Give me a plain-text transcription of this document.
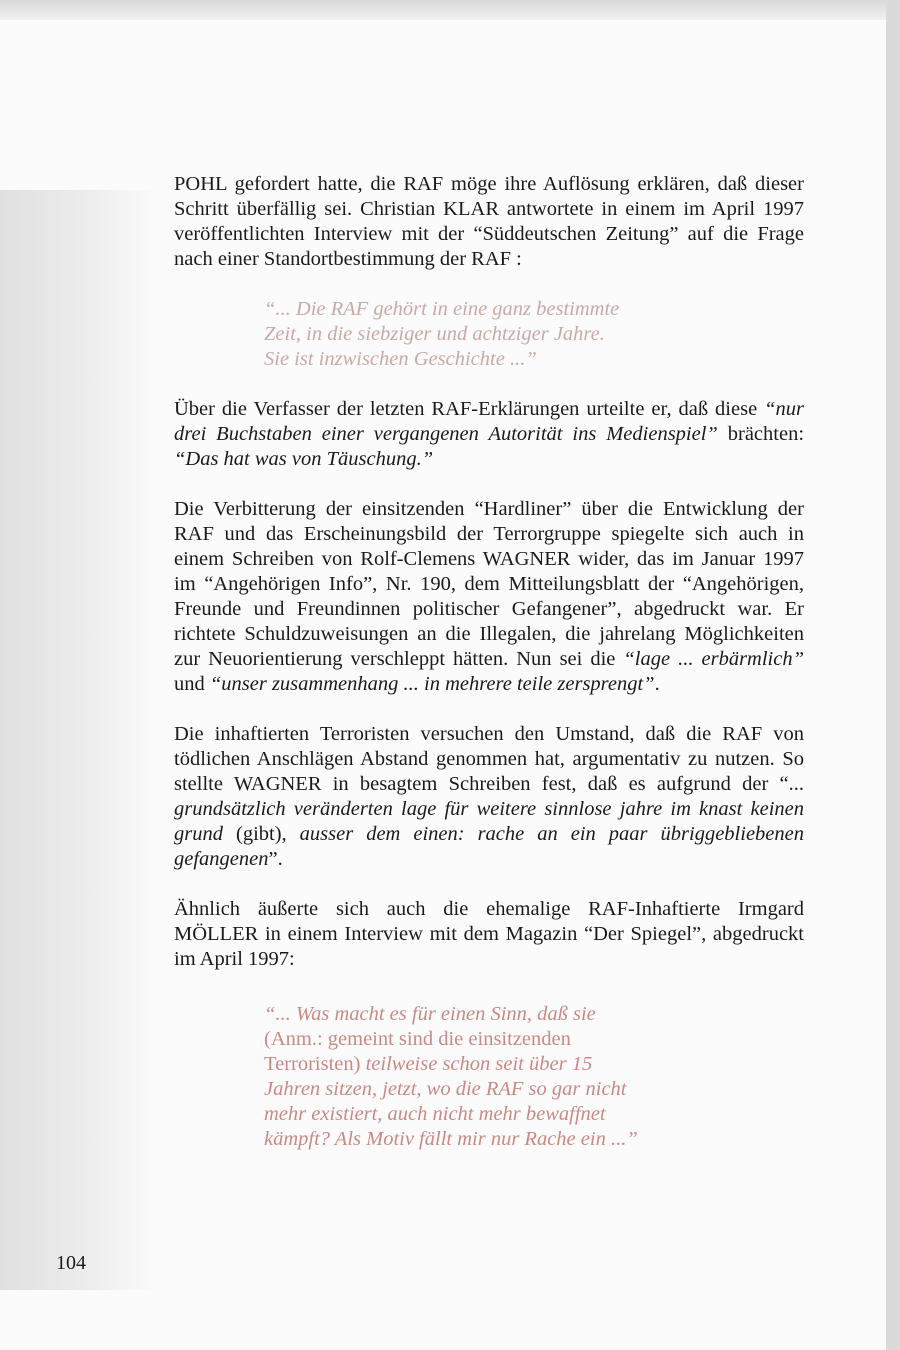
POHL gefordert hatte, die RAF möge ihre Auflösung erklären, daß dieser Schritt überfällig sei. Christian KLAR antwortete in einem im April 1997 veröffentlichten Interview mit der “Süddeutschen Zeitung” auf die Frage nach einer Standortbestimmung der RAF :

“... Die RAF gehört in eine ganz bestimmte Zeit, in die siebziger und achtziger Jahre. Sie ist inzwischen Geschichte ...”

Über die Verfasser der letzten RAF-Erklärungen urteilte er, daß diese “nur drei Buchstaben einer vergangenen Autorität ins Medienspiel” brächten: “Das hat was von Täuschung.”

Die Verbitterung der einsitzenden “Hardliner” über die Entwicklung der RAF und das Erscheinungsbild der Terrorgruppe spiegelte sich auch in einem Schreiben von Rolf-Clemens WAGNER wider, das im Januar 1997 im “Angehörigen Info”, Nr. 190, dem Mitteilungsblatt der “Angehörigen, Freunde und Freundinnen politischer Gefangener”, abgedruckt war. Er richtete Schuldzuweisungen an die Illegalen, die jahrelang Möglichkeiten zur Neuorientierung verschleppt hätten. Nun sei die “lage ... erbärmlich” und “unser zusammenhang ... in mehrere teile zersprengt”.

Die inhaftierten Terroristen versuchen den Umstand, daß die RAF von tödlichen Anschlägen Abstand genommen hat, argumentativ zu nutzen. So stellte WAGNER in besagtem Schreiben fest, daß es aufgrund der “... grundsätzlich veränderten lage für weitere sinnlose jahre im knast keinen grund (gibt), ausser dem einen: rache an ein paar übriggebliebenen gefangenen”.

Ähnlich äußerte sich auch die ehemalige RAF-Inhaftierte Irmgard MÖLLER in einem Interview mit dem Magazin “Der Spiegel”, abgedruckt im April 1997:

“... Was macht es für einen Sinn, daß sie (Anm.: gemeint sind die einsitzenden Terroristen) teilweise schon seit über 15 Jahren sitzen, jetzt, wo die RAF so gar nicht mehr existiert, auch nicht mehr bewaffnet kämpft? Als Motiv fällt mir nur Rache ein ...”

104
